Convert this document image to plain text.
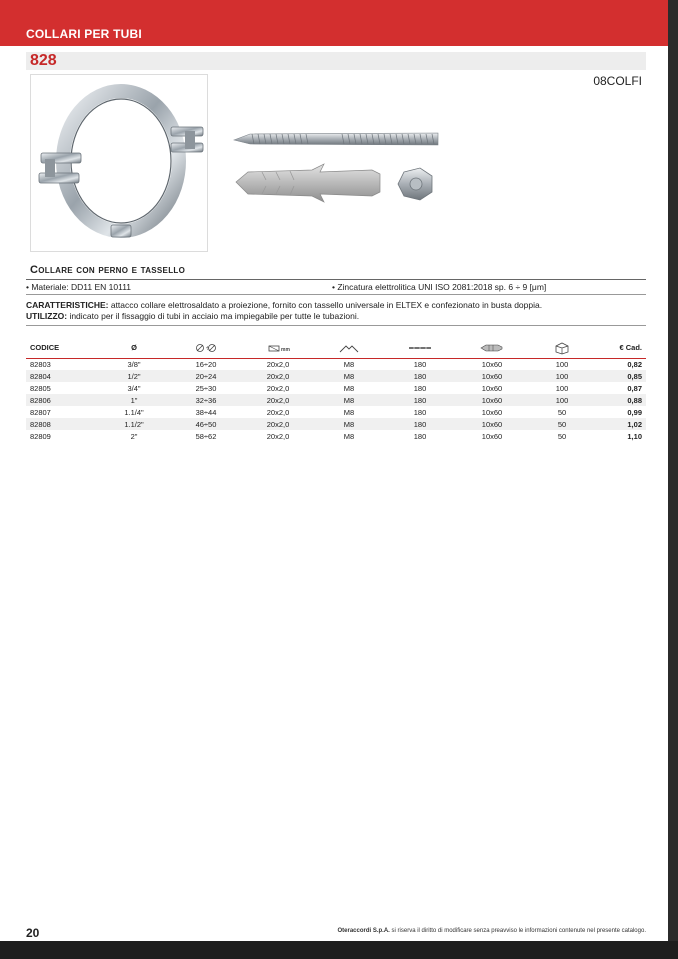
COLLARI PER TUBI
828
08COLFI
Collare con perno e tassello
• Materiale: DD11 EN 10111	• Zincatura elettrolitica UNI ISO 2081:2018 sp. 6 ÷ 9 [μm]
CARATTERISTICHE: attacco collare elettrosaldato a proiezione, fornito con tassello universale in ELTEX e confezionato in busta doppia.
UTILIZZO: indicato per il fissaggio di tubi in acciaio ma impiegabile per tutte le tubazioni.
CODICE	Ø	÷	mm					€ Cad.
82803	3/8"	16÷20	20x2,0	M8	180	10x60	100	0,82
82804	1/2"	20÷24	20x2,0	M8	180	10x60	100	0,85
82805	3/4"	25÷30	20x2,0	M8	180	10x60	100	0,87
82806	1"	32÷36	20x2,0	M8	180	10x60	100	0,88
82807	1.1/4"	38÷44	20x2,0	M8	180	10x60	50	0,99
82808	1.1/2"	46÷50	20x2,0	M8	180	10x60	50	1,02
82809	2"	58÷62	20x2,0	M8	180	10x60	50	1,10
20	Oteraccordi S.p.A. si riserva il diritto di modificare senza preavviso le informazioni contenute nel presente catalogo.
